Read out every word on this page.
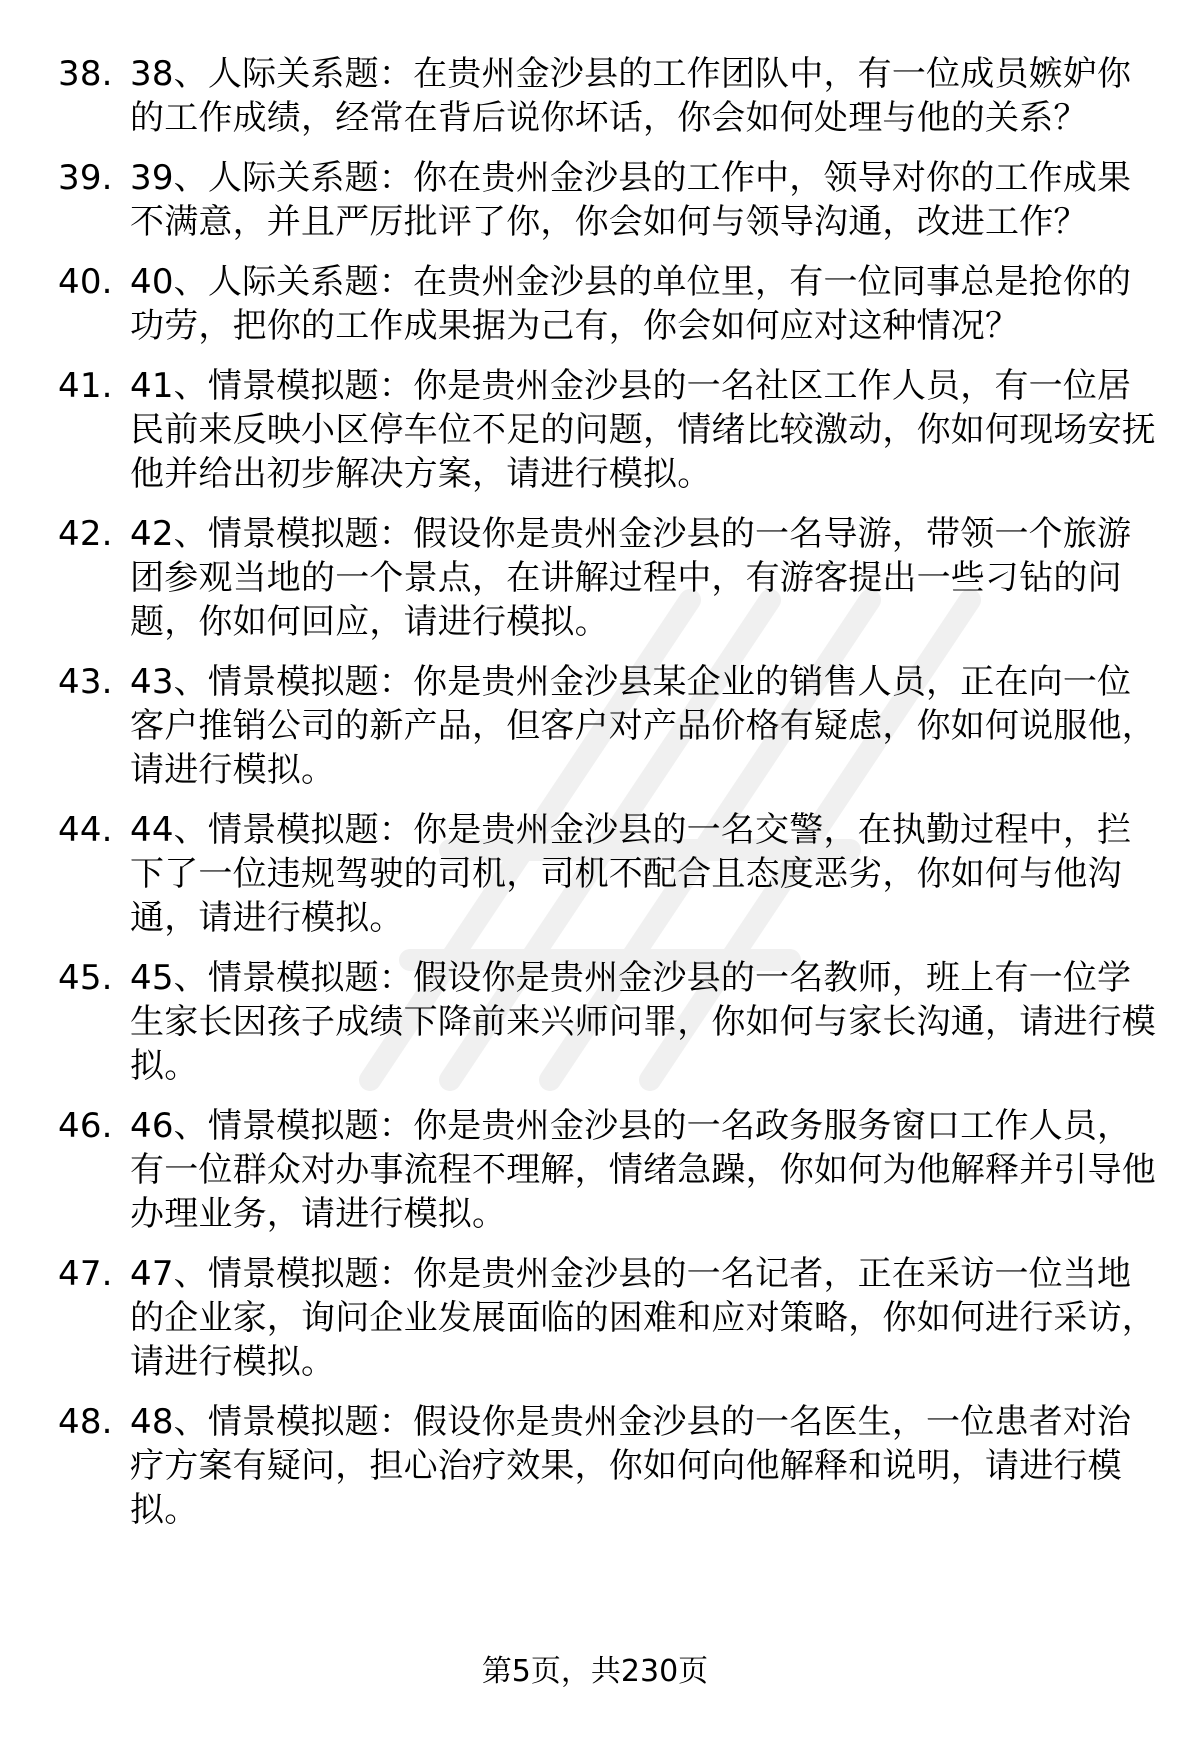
38. 38、人际关系题：在贵州金沙县的工作团队中，有一位成员嫉妒你的工作成绩，经常在背后说你坏话，你会如何处理与他的关系？
39. 39、人际关系题：你在贵州金沙县的工作中，领导对你的工作成果不满意，并且严厉批评了你，你会如何与领导沟通，改进工作？
40. 40、人际关系题：在贵州金沙县的单位里，有一位同事总是抢你的功劳，把你的工作成果据为己有，你会如何应对这种情况？
41. 41、情景模拟题：你是贵州金沙县的一名社区工作人员，有一位居民前来反映小区停车位不足的问题，情绪比较激动，你如何现场安抚他并给出初步解决方案，请进行模拟。
42. 42、情景模拟题：假设你是贵州金沙县的一名导游，带领一个旅游团参观当地的一个景点，在讲解过程中，有游客提出一些刁钻的问题，你如何回应，请进行模拟。
43. 43、情景模拟题：你是贵州金沙县某企业的销售人员，正在向一位客户推销公司的新产品，但客户对产品价格有疑虑，你如何说服他，请进行模拟。
44. 44、情景模拟题：你是贵州金沙县的一名交警，在执勤过程中，拦下了一位违规驾驶的司机，司机不配合且态度恶劣，你如何与他沟通，请进行模拟。
45. 45、情景模拟题：假设你是贵州金沙县的一名教师，班上有一位学生家长因孩子成绩下降前来兴师问罪，你如何与家长沟通，请进行模拟。
46. 46、情景模拟题：你是贵州金沙县的一名政务服务窗口工作人员，有一位群众对办事流程不理解，情绪急躁，你如何为他解释并引导他办理业务，请进行模拟。
47. 47、情景模拟题：你是贵州金沙县的一名记者，正在采访一位当地的企业家，询问企业发展面临的困难和应对策略，你如何进行采访，请进行模拟。
48. 48、情景模拟题：假设你是贵州金沙县的一名医生，一位患者对治疗方案有疑问，担心治疗效果，你如何向他解释和说明，请进行模拟。
第5页，共230页
